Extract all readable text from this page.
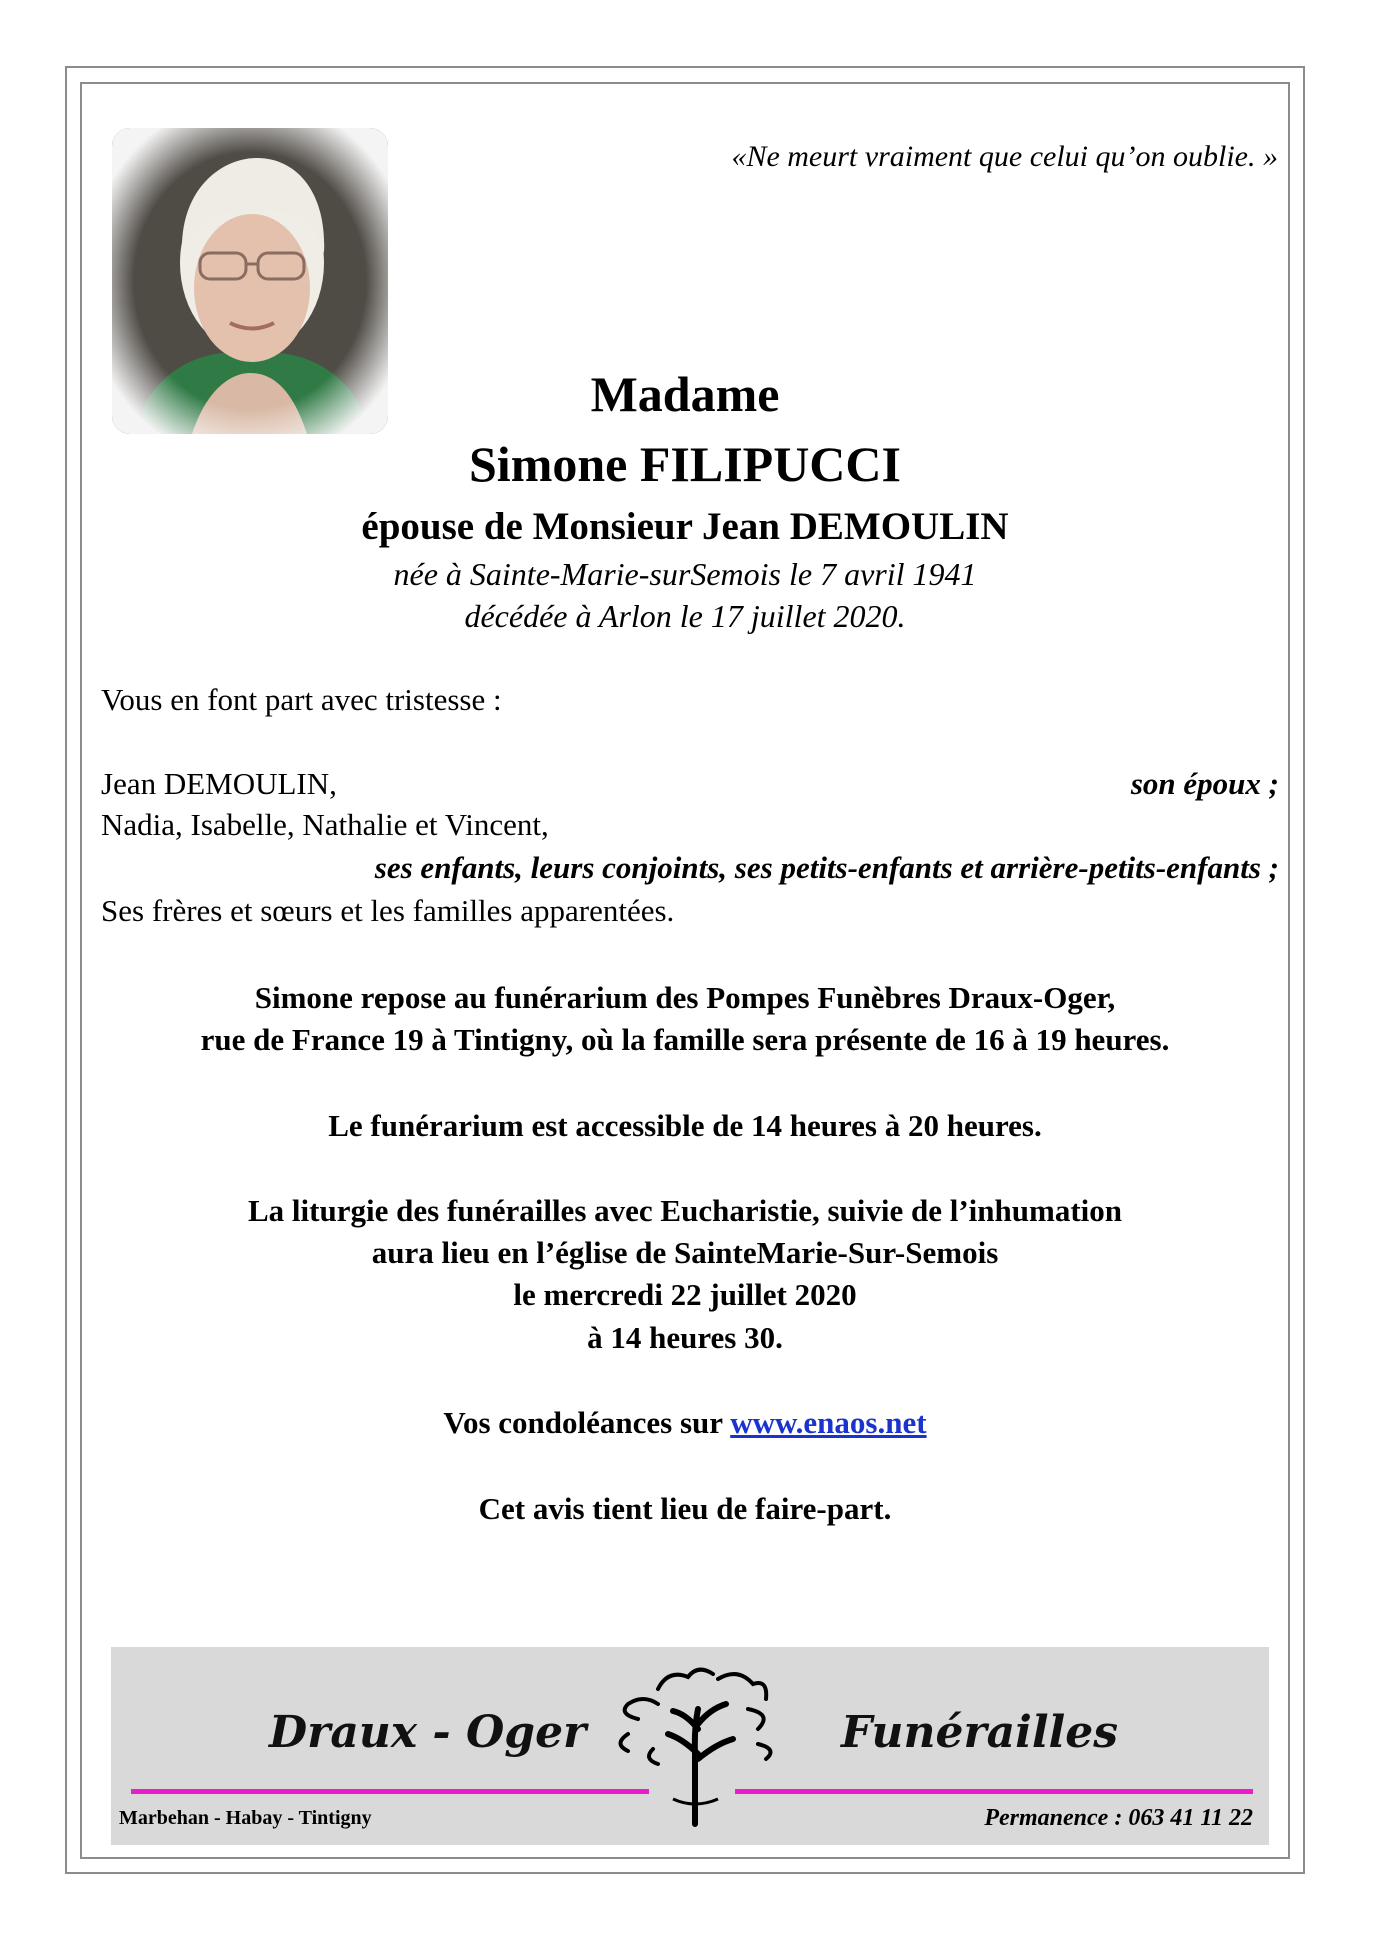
«Ne meurt vraiment que celui qu’on oublie. »
Madame
Simone FILIPUCCI
épouse de Monsieur Jean DEMOULIN
née à Sainte-Marie-surSemois le 7 avril 1941
décédée à Arlon le 17 juillet 2020.
Vous en font part avec tristesse :
Jean DEMOULIN,	son époux ;
Nadia, Isabelle, Nathalie et Vincent,
ses enfants, leurs conjoints, ses petits-enfants et arrière-petits-enfants ;
Ses frères et sœurs et les familles apparentées.
Simone repose au funérarium des Pompes Funèbres Draux-Oger,
rue de France 19 à Tintigny, où la famille sera présente de 16 à 19 heures.
Le funérarium est accessible de 14 heures à 20 heures.
La liturgie des funérailles avec Eucharistie, suivie de l’inhumation
aura lieu en l’église de SainteMarie-Sur-Semois
le mercredi 22 juillet 2020
à 14 heures 30.
Vos condoléances sur www.enaos.net
Cet avis tient lieu de faire-part.
Draux - Oger	Funérailles
Marbehan - Habay - Tintigny	Permanence : 063 41 11 22
